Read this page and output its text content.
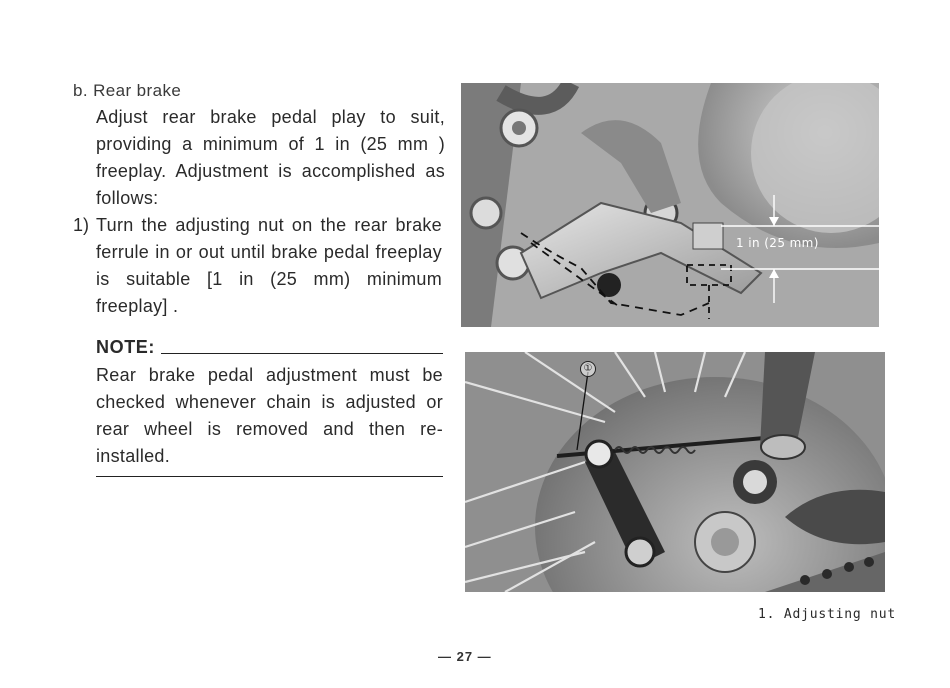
b. Rear brake

Adjust rear brake pedal play to suit, providing a minimum of 1 in (25 mm ) freeplay. Adjustment is accomplished as follows:

1) Turn the adjusting nut on the rear brake ferrule in or out until brake pedal freeplay is suitable [1 in (25 mm) minimum freeplay] .

NOTE:

Rear brake pedal adjustment must be checked whenever chain is adjusted or rear wheel is removed and then re-installed.

1 in (25 mm)
①
1. Adjusting nut
— 27 —
